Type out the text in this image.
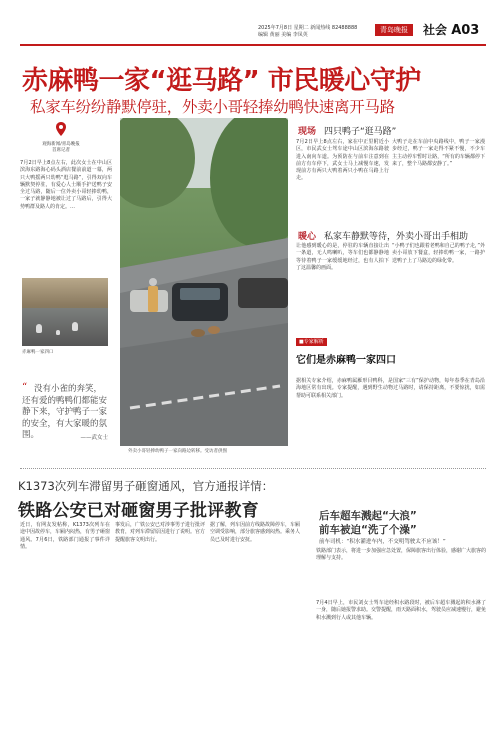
2025年7月8日 星期二 新闻热线 82488888
编辑 黄丽 美编 李凤英
青岛晚报	社会 A03
赤麻鸭一家“逛马路” 市民暖心守护
私家车纷纷静默停驻，外卖小哥轻捧幼鸭快速离开马路
观海新闻/青岛晚报 首席记者
7月2日早上8点左右，此次女士在中山区滨海东路海心码头酒店餐前前道一幕，两只大鸭摇两只幼鸭“逛马路”，引得双向车辆默契停驻，有爱心人士顺手护送鸭子安全过马路，随后一位外卖小哥轻捧幼鸭，一家子就静静地被让过了马路后，引得大势鸭群及路人的肯定。…
赤麻鸭一家四口
“ 没有小雀的奔笑，还有爱的鸭鸭们都能安静下来，守护鸭子一家的安全，有大家暖的氛围。	——武女士
外卖小哥轻捧幼鸭子一家向路边转移。受访者供图
现场 四只鸭子“逛马路”
7月2日早上8点左右，家在中正里附近小区，市民武女士驾车途中山区滨海东路驶进入南向车道。为预防在与前车注意到在前方有车停下，武女士马上减慢车速，发现前方有两只大鸭着两只小鸭在马路上行走。
大鸭子走在车前中央路线中，鸭子一家漫步经过，鸭子一家走得不紧不慢，不少车主主动停车暂时让路，“所有的车辆都停下来了，整个马路都安静了。”
暖心 私家车静默等待，外卖小哥出手相助
让他感到暖心的是，停驻的车辆直接让出一条道，无人鸣喇叭，等车们也都静静地等待着鸭子一家缓缓地经过，也有人拍下了这温馨的画面。
“小鸭子们也跟着老鸭和自己的鸭子走，”外卖小哥放下餐盒，轻捧幼鸭一家，一路护送鸭子上了马路边的绿化带。
■专家解析
它们是赤麻鸭一家四口
据相关专家介绍，赤麻鸭属雁形目鸭科，是国家“三有”保护动物，每年春季在青岛沿海地区常有出现。专家提醒，遇到野生动物过马路时，请保持距离，不要惊扰，如需帮助可联系相关部门。
K1373次列车滞留男子砸窗通风，官方通报详情：
铁路公安已对砸窗男子批评教育
近日，有网友发帖称，K1373次列车在途中因故停车，车厢内闷热，有男子砸窗通风。7月6日，铁路部门通报了事件详情。
事发后，广铁公安已对涉事男子进行批评教育，对列车滞留原因进行了说明。官方提醒旅客文明出行。
据了解，列车因前方线路故障停车，车厢空调受影响，部分旅客感到闷热。乘务人员已及时进行安抚。
铁路部门表示，将进一步加强应急处置，保障旅客出行体验，感谢广大旅客的理解与支持。
后车超车溅起“大浪”
前车被迫“洗了个澡”
前车司机：“积水灌进车内，不交明驾驶太不应该！”
7月4日早上，市民刘女士驾车途经积水路段时，被后车超车溅起的积水淋了一身，随后她报警求助。交警提醒，雨天路面积水，驾驶员应减速慢行，避免积水溅到行人或其他车辆。
